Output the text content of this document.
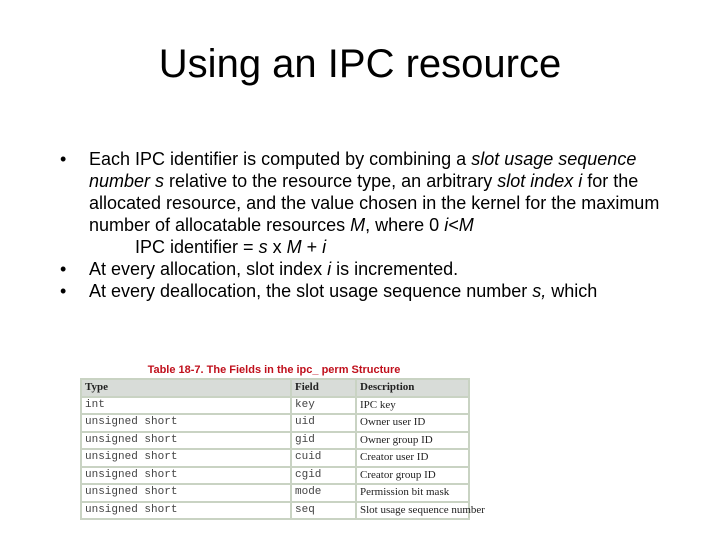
Using an IPC resource
• Each IPC identifier is computed by combining a slot usage sequence number s relative to the resource type, an arbitrary slot index i for the allocated resource, and the value chosen in the kernel for the maximum number of allocatable resources M, where 0 i<M
IPC identifier = s x M + i
• At every allocation, slot index i is incremented.
• At every deallocation, the slot usage sequence number s, which
Table 18-7. The Fields in the ipc_ perm Structure
Type	Field	Description
int	key	IPC key
unsigned short	uid	Owner user ID
unsigned short	gid	Owner group ID
unsigned short	cuid	Creator user ID
unsigned short	cgid	Creator group ID
unsigned short	mode	Permission bit mask
unsigned short	seq	Slot usage sequence number
